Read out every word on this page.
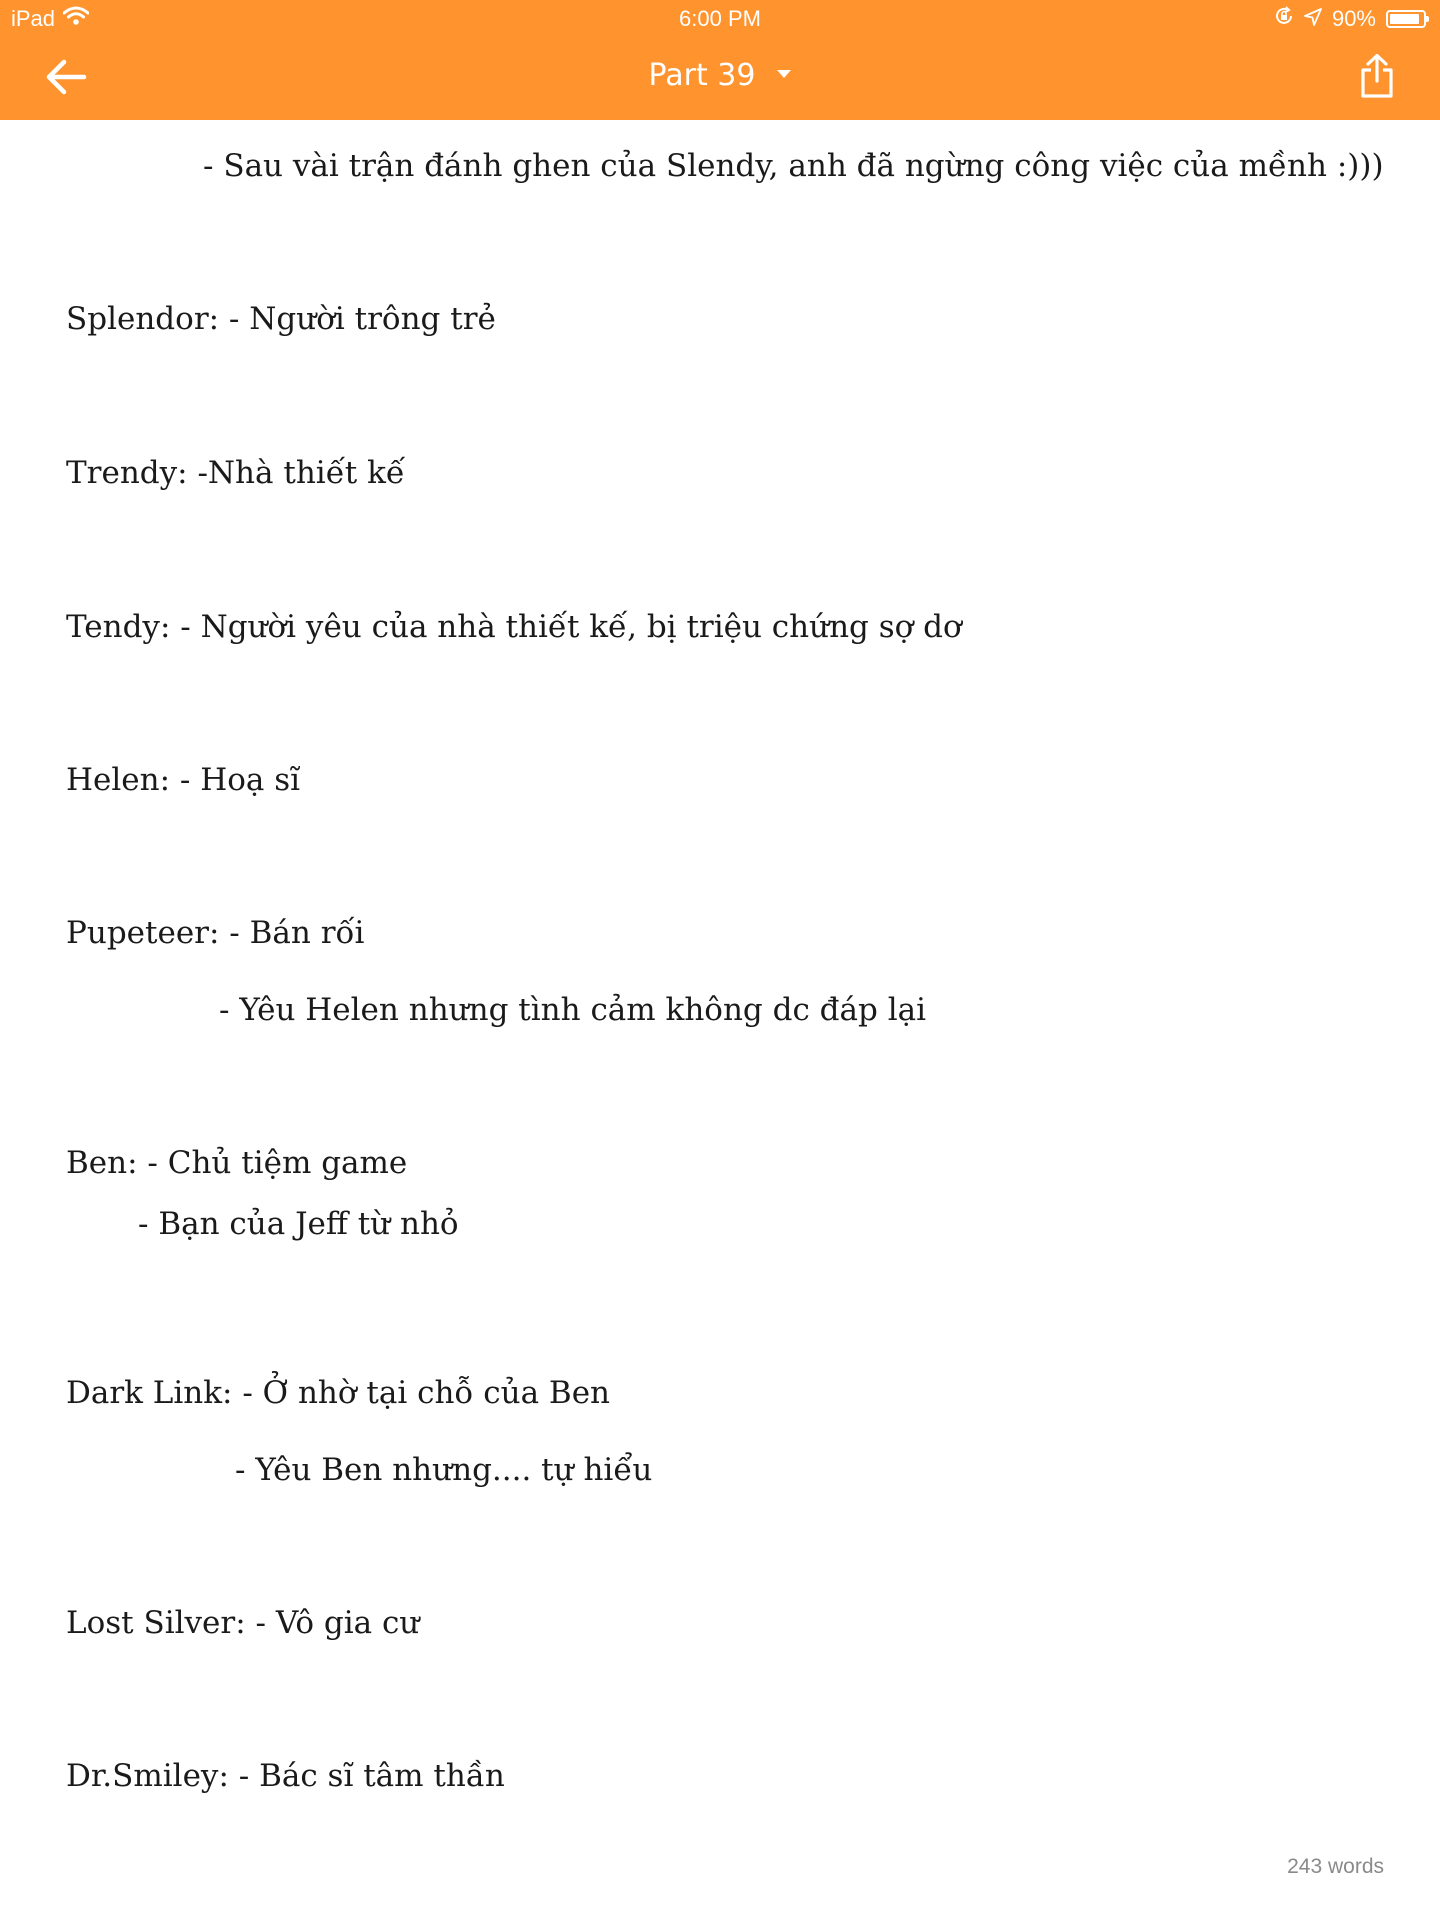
iPad	6:00 PM	90%
Part 39
- Sau vài trận đánh ghen của Slendy, anh đã ngừng công việc của mềnh :)))
Splendor: - Người trông trẻ
Trendy: -Nhà thiết kế
Tendy: - Người yêu của nhà thiết kế, bị triệu chứng sợ dơ
Helen: - Hoạ sĩ
Pupeteer: - Bán rối
- Yêu Helen nhưng tình cảm không dc đáp lại
Ben: - Chủ tiệm game
- Bạn của Jeff từ nhỏ
Dark Link: - Ở nhờ tại chỗ của Ben
- Yêu Ben nhưng.... tự hiểu
Lost Silver: - Vô gia cư
Dr.Smiley: - Bác sĩ tâm thần
243 words
